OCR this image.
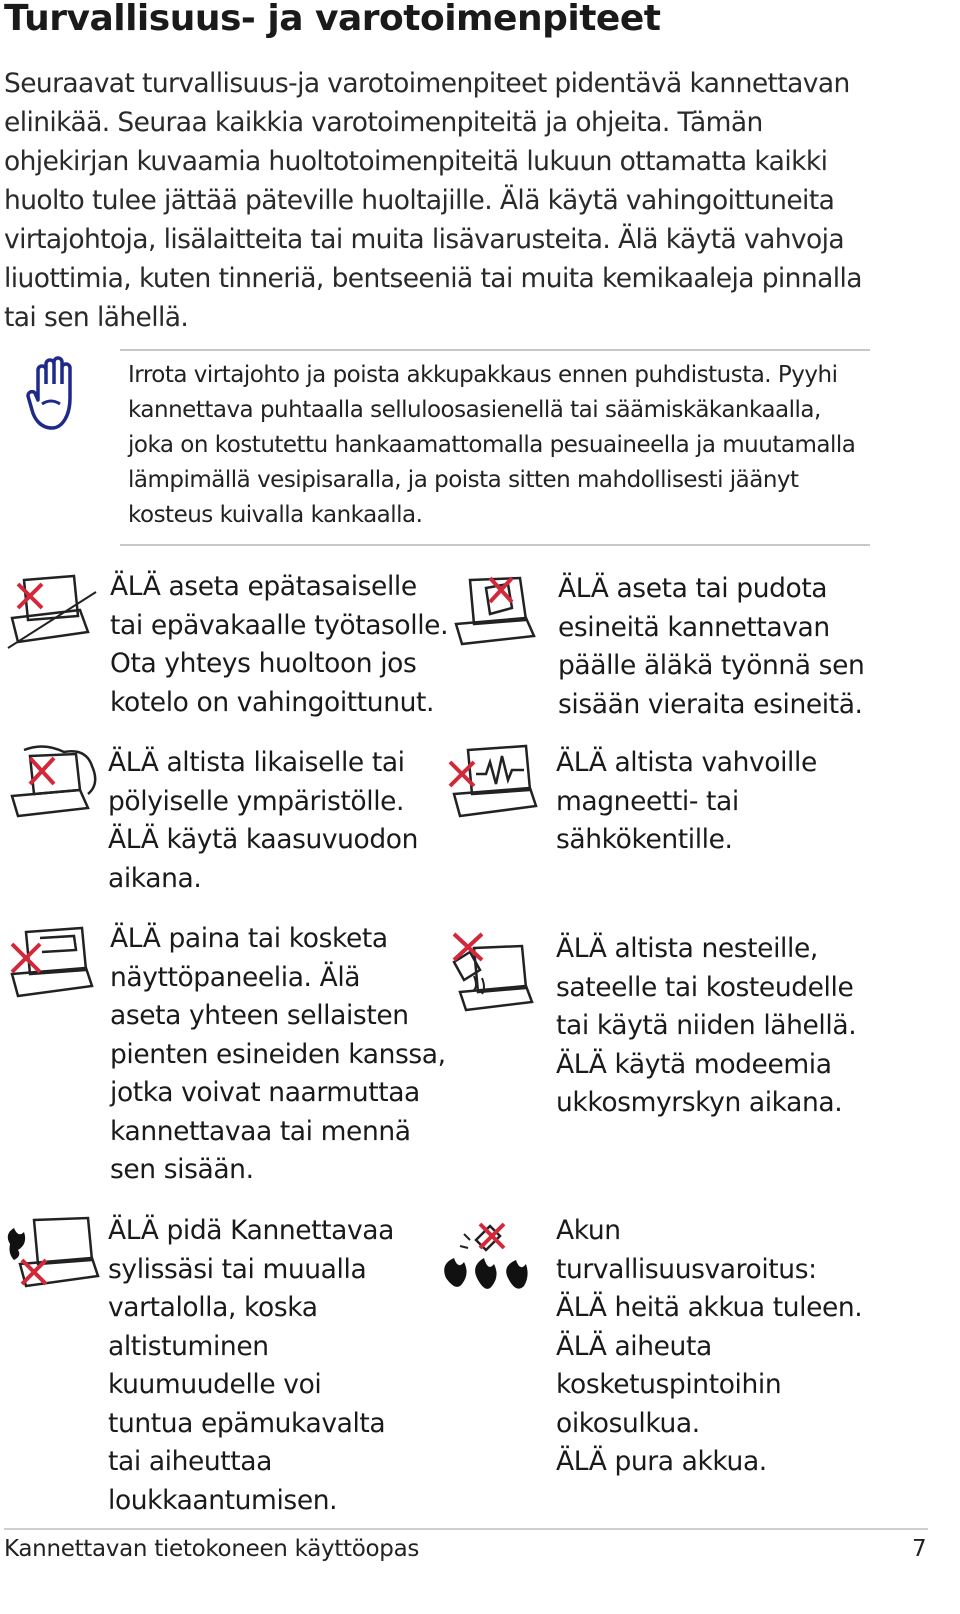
Turvallisuus- ja varotoimenpiteet
Seuraavat turvallisuus-ja varotoimenpiteet pidentävä kannettavan elinikää. Seuraa kaikkia varotoimenpiteitä ja ohjeita. Tämän ohjekirjan kuvaamia huoltotoimenpiteitä lukuun ottamatta kaikki huolto tulee jättää päteville huoltajille. Älä käytä vahingoittuneita virtajohtoja, lisälaitteita tai muita lisävarusteita. Älä käytä vahvoja liuottimia, kuten tinneriä, bentseeniä tai muita kemikaaleja pinnalla tai sen lähellä.
Irrota virtajohto ja poista akkupakkaus ennen puhdistusta. Pyyhi kannettava puhtaalla selluloosasienellä tai säämiskäkankaalla, joka on kostutettu hankaamattomalla pesuaineella ja muutamalla lämpimällä vesipisaralla, ja poista sitten mahdollisesti jäänyt kosteus kuivalla kankaalla.
ÄLÄ aseta epätasaiselle
tai epävakaalle työtasolle.
Ota yhteys huoltoon jos
kotelo on vahingoittunut.
ÄLÄ aseta tai pudota
esineitä kannettavan
päälle äläkä työnnä sen
sisään vieraita esineitä.
ÄLÄ altista likaiselle tai
pölyiselle ympäristölle.
ÄLÄ käytä kaasuvuodon
aikana.
ÄLÄ altista vahvoille
magneetti- tai
sähkökentille.
ÄLÄ paina tai kosketa
näyttöpaneelia. Älä
aseta yhteen sellaisten
pienten esineiden kanssa,
jotka voivat naarmuttaa
kannettavaa tai mennä
sen sisään.
ÄLÄ altista nesteille,
sateelle tai kosteudelle
tai käytä niiden lähellä.
ÄLÄ käytä modeemia
ukkosmyrskyn aikana.
ÄLÄ pidä Kannettavaa
sylissäsi tai muualla
vartalolla, koska
altistuminen
kuumuudelle voi
tuntua epämukavalta
tai aiheuttaa
loukkaantumisen.
Akun
turvallisuusvaroitus:
ÄLÄ heitä akkua tuleen.
ÄLÄ aiheuta
kosketuspintoihin
oikosulkua.
ÄLÄ pura akkua.
Kannettavan tietokoneen käyttöopas	7
